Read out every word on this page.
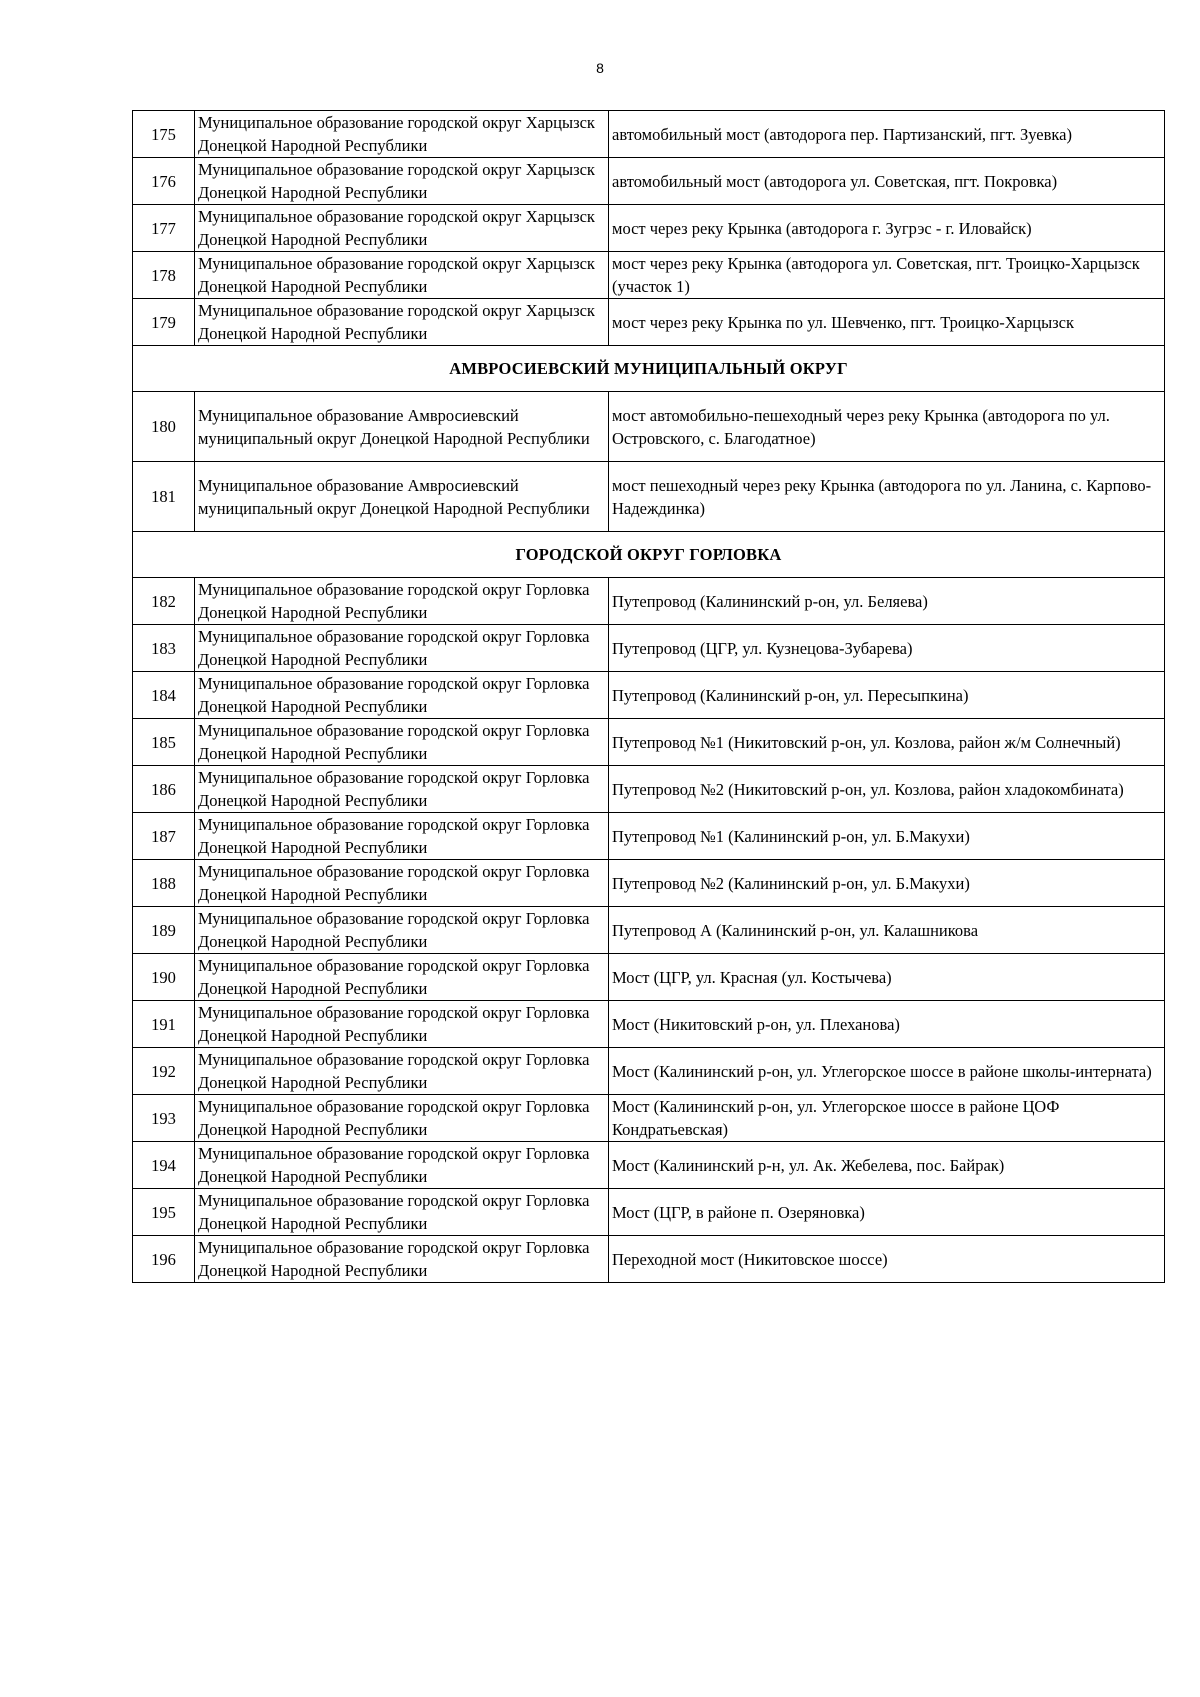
8
175	Муниципальное образование городской округ Харцызск Донецкой Народной Республики	автомобильный мост (автодорога пер. Партизанский, пгт. Зуевка)
176	Муниципальное образование городской округ Харцызск Донецкой Народной Республики	автомобильный мост (автодорога ул. Советская, пгт. Покровка)
177	Муниципальное образование городской округ Харцызск Донецкой Народной Республики	мост через реку Крынка (автодорога г. Зугрэс - г. Иловайск)
178	Муниципальное образование городской округ Харцызск Донецкой Народной Республики	мост через реку Крынка (автодорога ул. Советская, пгт. Троицко-Харцызск (участок 1)
179	Муниципальное образование городской округ Харцызск Донецкой Народной Республики	мост через реку Крынка по ул. Шевченко, пгт. Троицко-Харцызск
АМВРОСИЕВСКИЙ МУНИЦИПАЛЬНЫЙ ОКРУГ		
180	Муниципальное образование Амвросиевский муниципальный округ Донецкой Народной Республики	мост автомобильно-пешеходный через реку Крынка (автодорога по ул. Островского, с. Благодатное)
181	Муниципальное образование Амвросиевский муниципальный округ Донецкой Народной Республики	мост пешеходный через реку Крынка (автодорога по ул. Ланина, с. Карпово-Надеждинка)
ГОРОДСКОЙ ОКРУГ ГОРЛОВКА		
182	Муниципальное образование городской округ Горловка Донецкой Народной Республики	Путепровод (Калининский р-он, ул. Беляева)
183	Муниципальное образование городской округ Горловка Донецкой Народной Республики	Путепровод (ЦГР, ул. Кузнецова-Зубарева)
184	Муниципальное образование городской округ Горловка Донецкой Народной Республики	Путепровод (Калининский р-он, ул. Пересыпкина)
185	Муниципальное образование городской округ Горловка Донецкой Народной Республики	Путепровод №1 (Никитовский р-он, ул. Козлова, район ж/м Солнечный)
186	Муниципальное образование городской округ Горловка Донецкой Народной Республики	Путепровод №2 (Никитовский р-он, ул. Козлова, район хладокомбината)
187	Муниципальное образование городской округ Горловка Донецкой Народной Республики	Путепровод №1 (Калининский р-он, ул. Б.Макухи)
188	Муниципальное образование городской округ Горловка Донецкой Народной Республики	Путепровод №2 (Калининский р-он, ул. Б.Макухи)
189	Муниципальное образование городской округ Горловка Донецкой Народной Республики	Путепровод А (Калининский р-он, ул. Калашникова
190	Муниципальное образование городской округ Горловка Донецкой Народной Республики	Мост (ЦГР, ул. Красная (ул. Костычева)
191	Муниципальное образование городской округ Горловка Донецкой Народной Республики	Мост (Никитовский р-он, ул. Плеханова)
192	Муниципальное образование городской округ Горловка Донецкой Народной Республики	Мост (Калининский р-он, ул. Углегорское шоссе в районе школы-интерната)
193	Муниципальное образование городской округ Горловка Донецкой Народной Республики	Мост (Калининский р-он, ул. Углегорское шоссе в районе ЦОФ Кондратьевская)
194	Муниципальное образование городской округ Горловка Донецкой Народной Республики	Мост (Калининский р-н, ул. Ак. Жебелева, пос. Байрак)
195	Муниципальное образование городской округ Горловка Донецкой Народной Республики	Мост (ЦГР, в районе п. Озеряновка)
196	Муниципальное образование городской округ Горловка Донецкой Народной Республики	Переходной мост (Никитовское шоссе)
